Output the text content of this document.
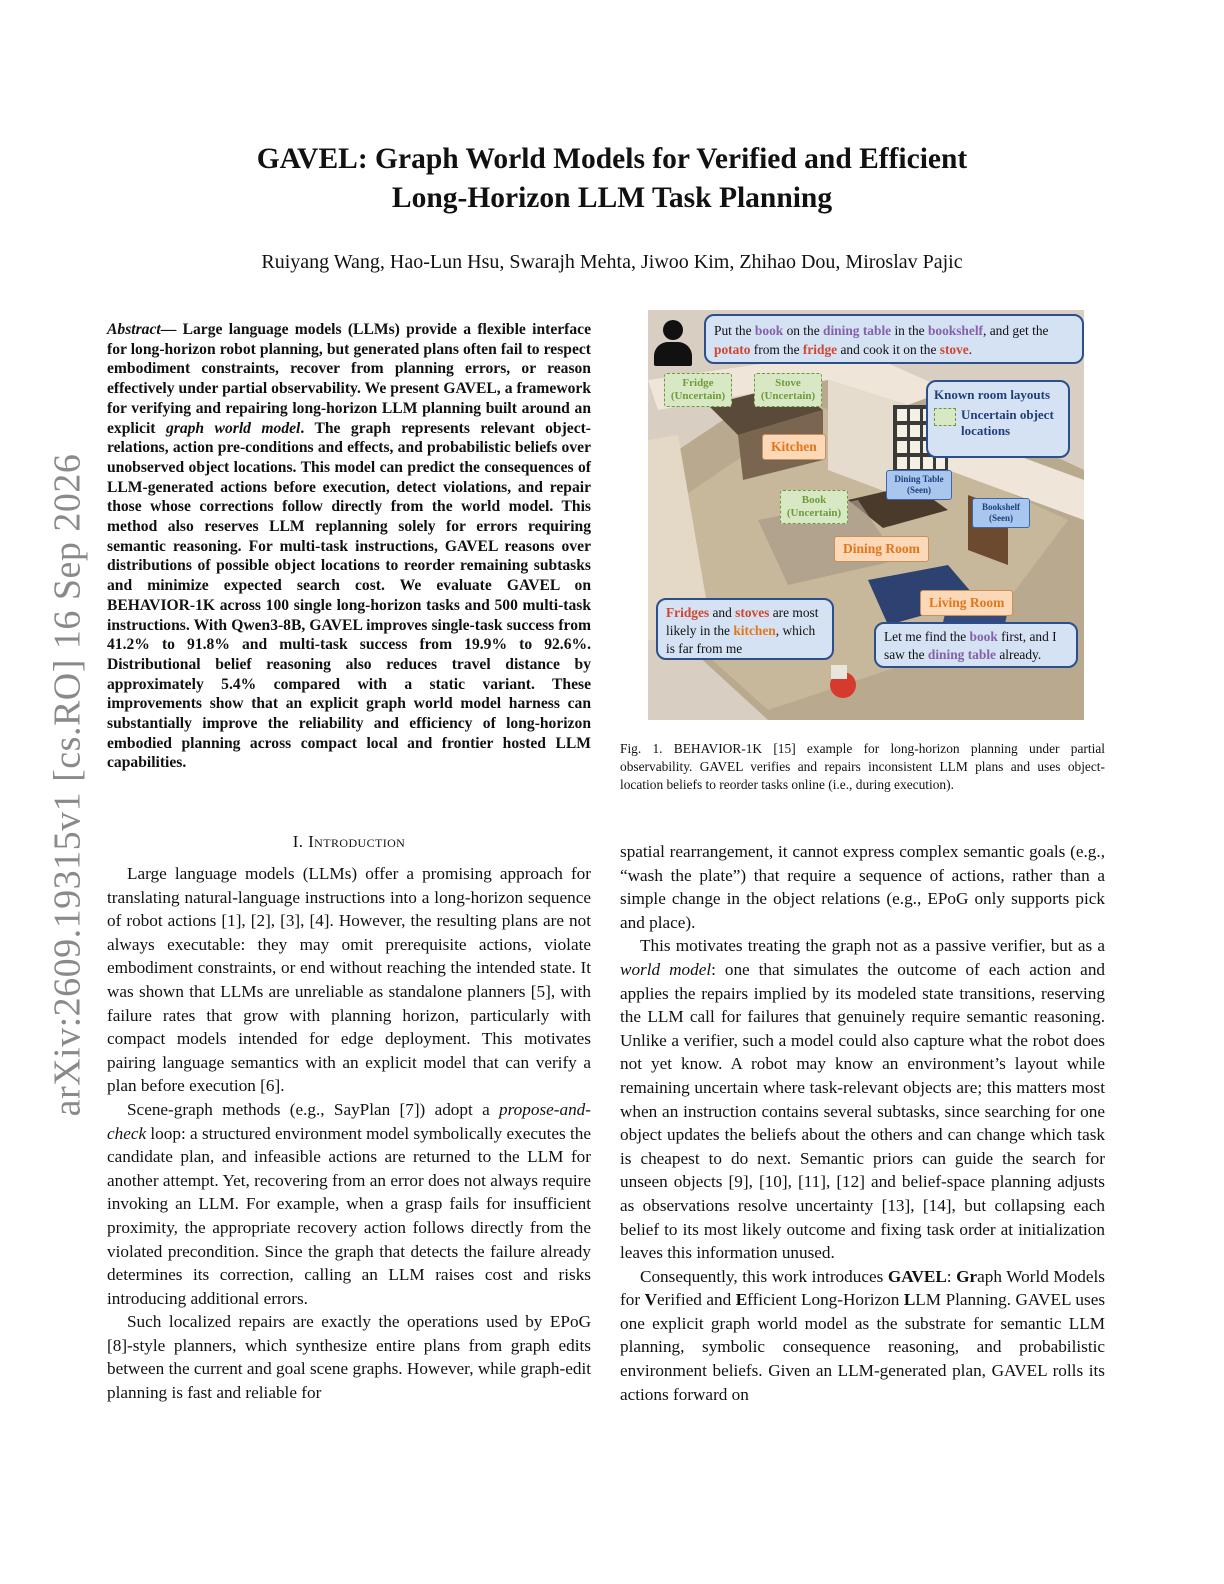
arXiv:2609.19315v1 [cs.RO] 16 Sep 2026
GAVEL: Graph World Models for Verified and Efficient
Long-Horizon LLM Task Planning
Ruiyang Wang, Hao-Lun Hsu, Swarajh Mehta, Jiwoo Kim, Zhihao Dou, Miroslav Pajic
Abstract— Large language models (LLMs) provide a flexible interface for long-horizon robot planning, but generated plans often fail to respect embodiment constraints, recover from planning errors, or reason effectively under partial observability. We present GAVEL, a framework for verifying and repairing long-horizon LLM planning built around an explicit graph world model. The graph represents relevant object-relations, action pre-conditions and effects, and probabilistic beliefs over unobserved object locations. This model can predict the consequences of LLM-generated actions before execution, detect violations, and repair those whose corrections follow directly from the world model. This method also reserves LLM replanning solely for errors requiring semantic reasoning. For multi-task instructions, GAVEL reasons over distributions of possible object locations to reorder remaining subtasks and minimize expected search cost. We evaluate GAVEL on BEHAVIOR-1K across 100 single long-horizon tasks and 500 multi-task instructions. With Qwen3-8B, GAVEL improves single-task success from 41.2% to 91.8% and multi-task success from 19.9% to 92.6%. Distributional belief reasoning also reduces travel distance by approximately 5.4% compared with a static variant. These improvements show that an explicit graph world model harness can substantially improve the reliability and efficiency of long-horizon embodied planning across compact local and frontier hosted LLM capabilities.
I. Introduction

Large language models (LLMs) offer a promising approach for translating natural-language instructions into a long-horizon sequence of robot actions [1], [2], [3], [4]. However, the resulting plans are not always executable: they may omit prerequisite actions, violate embodiment constraints, or end without reaching the intended state. It was shown that LLMs are unreliable as standalone planners [5], with failure rates that grow with planning horizon, particularly with compact models intended for edge deployment. This motivates pairing language semantics with an explicit model that can verify a plan before execution [6].

Scene-graph methods (e.g., SayPlan [7]) adopt a propose-and-check loop: a structured environment model symbolically executes the candidate plan, and infeasible actions are returned to the LLM for another attempt. Yet, recovering from an error does not always require invoking an LLM. For example, when a grasp fails for insufficient proximity, the appropriate recovery action follows directly from the violated precondition. Since the graph that detects the failure already determines its correction, calling an LLM raises cost and risks introducing additional errors.

Such localized repairs are exactly the operations used by EPoG [8]-style planners, which synthesize entire plans from graph edits between the current and goal scene graphs. However, while graph-edit planning is fast and reliable for

Put the book on the dining table in the bookshelf, and get the potato from the fridge and cook it on the stove.
Known room layouts
Uncertain object locations
Fridge
(Uncertain)
Stove
(Uncertain)
Kitchen
Book
(Uncertain)
Dining Table
(Seen)
Bookshelf
(Seen)
Dining Room
Living Room
Fridges and stoves are most likely in the kitchen, which is far from me
Let me find the book first, and I saw the dining table already.
Fig. 1. BEHAVIOR-1K [15] example for long-horizon planning under partial observability. GAVEL verifies and repairs inconsistent LLM plans and uses object-location beliefs to reorder tasks online (i.e., during execution).

spatial rearrangement, it cannot express complex semantic goals (e.g., “wash the plate”) that require a sequence of actions, rather than a simple change in the object relations (e.g., EPoG only supports pick and place).

This motivates treating the graph not as a passive verifier, but as a world model: one that simulates the outcome of each action and applies the repairs implied by its modeled state transitions, reserving the LLM call for failures that genuinely require semantic reasoning. Unlike a verifier, such a model could also capture what the robot does not yet know. A robot may know an environment’s layout while remaining uncertain where task-relevant objects are; this matters most when an instruction contains several subtasks, since searching for one object updates the beliefs about the others and can change which task is cheapest to do next. Semantic priors can guide the search for unseen objects [9], [10], [11], [12] and belief-space planning adjusts as observations resolve uncertainty [13], [14], but collapsing each belief to its most likely outcome and fixing task order at initialization leaves this information unused.

Consequently, this work introduces GAVEL: Graph World Models for Verified and Efficient Long-Horizon LLM Planning. GAVEL uses one explicit graph world model as the substrate for semantic LLM planning, symbolic consequence reasoning, and probabilistic environment beliefs. Given an LLM-generated plan, GAVEL rolls its actions forward on
